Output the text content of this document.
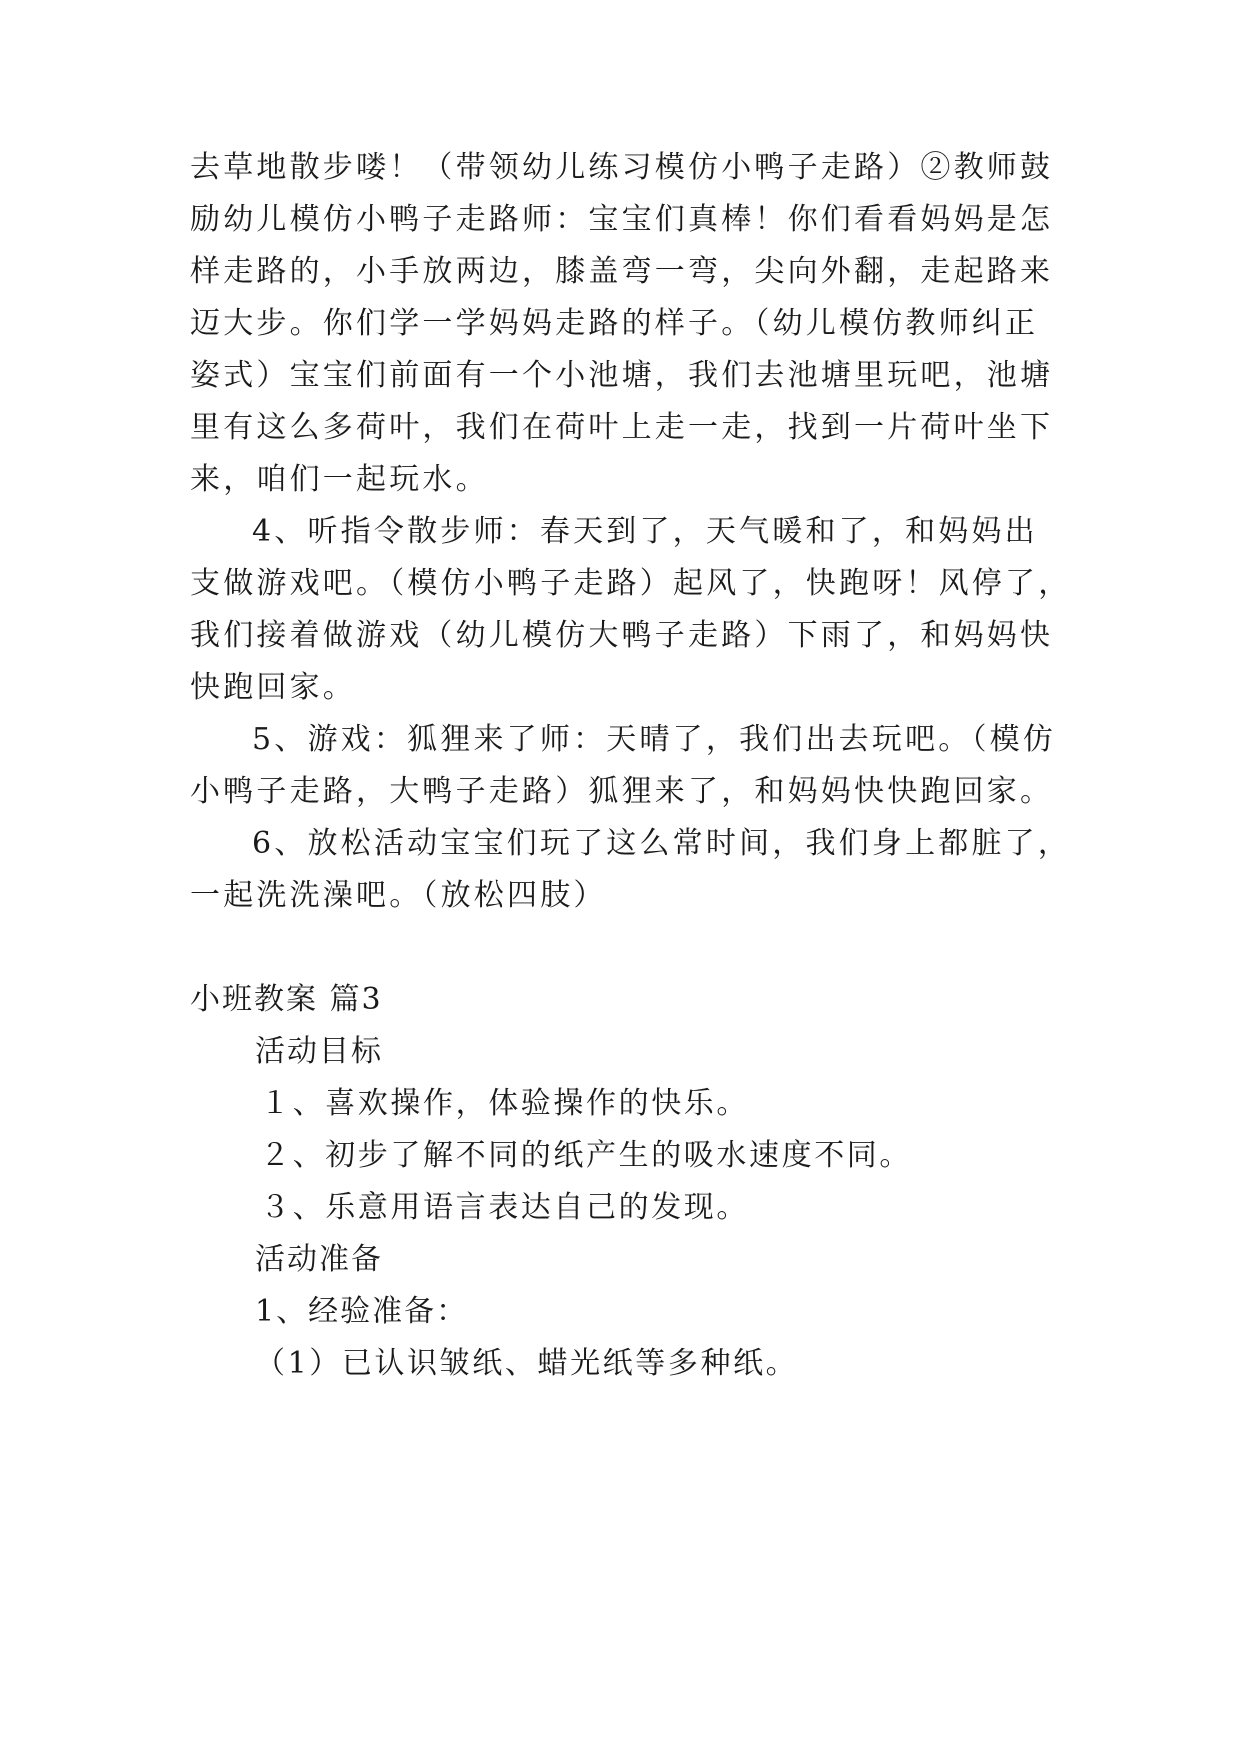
去草地散步喽！（带领幼儿练习模仿小鸭子走路）②教师鼓
励幼儿模仿小鸭子走路师：宝宝们真棒！你们看看妈妈是怎
样走路的，小手放两边，膝盖弯一弯，尖向外翻，走起路来
迈大步。你们学一学妈妈走路的样子。（幼儿模仿教师纠正
姿式）宝宝们前面有一个小池塘，我们去池塘里玩吧，池塘
里有这么多荷叶，我们在荷叶上走一走，找到一片荷叶坐下
来，咱们一起玩水。
4、听指令散步师：春天到了，天气暖和了，和妈妈出
支做游戏吧。（模仿小鸭子走路）起风了，快跑呀！风停了，
我们接着做游戏（幼儿模仿大鸭子走路）下雨了，和妈妈快
快跑回家。
5、游戏：狐狸来了师：天晴了，我们出去玩吧。（模仿
小鸭子走路，大鸭子走路）狐狸来了，和妈妈快快跑回家。
6、放松活动宝宝们玩了这么常时间，我们身上都脏了，
一起洗洗澡吧。（放松四肢）
小班教案 篇3
活动目标
１、喜欢操作，体验操作的快乐。
２、初步了解不同的纸产生的吸水速度不同。
３、乐意用语言表达自己的发现。
活动准备
1、经验准备：
（1）已认识皱纸、蜡光纸等多种纸。
